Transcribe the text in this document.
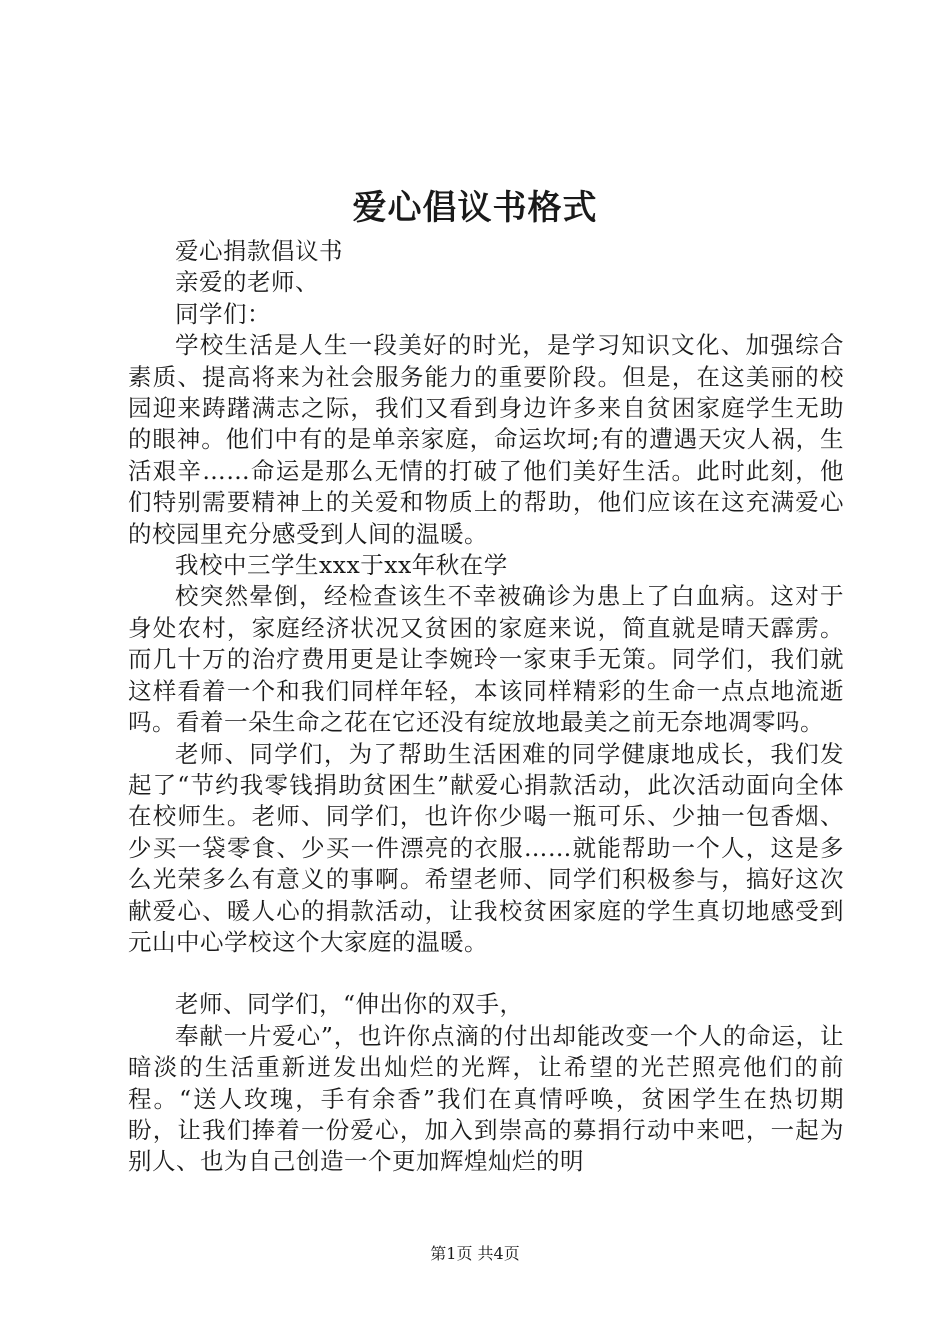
爱心倡议书格式

爱心捐款倡议书

亲爱的老师、

同学们：

学校生活是人生一段美好的时光，是学习知识文化、加强综合素质、提高将来为社会服务能力的重要阶段。但是，在这美丽的校园迎来踌躇满志之际，我们又看到身边许多来自贫困家庭学生无助的眼神。他们中有的是单亲家庭，命运坎坷;有的遭遇天灾人祸，生活艰辛……命运是那么无情的打破了他们美好生活。此时此刻，他们特别需要精神上的关爱和物质上的帮助，他们应该在这充满爱心的校园里充分感受到人间的温暖。

我校中三学生xxx于xx年秋在学

校突然晕倒，经检查该生不幸被确诊为患上了白血病。这对于身处农村，家庭经济状况又贫困的家庭来说，简直就是晴天霹雳。而几十万的治疗费用更是让李婉玲一家束手无策。同学们，我们就这样看着一个和我们同样年轻，本该同样精彩的生命一点点地流逝吗。看着一朵生命之花在它还没有绽放地最美之前无奈地凋零吗。

老师、同学们，为了帮助生活困难的同学健康地成长，我们发起了“节约我零钱捐助贫困生”献爱心捐款活动，此次活动面向全体在校师生。老师、同学们，也许你少喝一瓶可乐、少抽一包香烟、少买一袋零食、少买一件漂亮的衣服……就能帮助一个人，这是多么光荣多么有意义的事啊。希望老师、同学们积极参与，搞好这次献爱心、暖人心的捐款活动，让我校贫困家庭的学生真切地感受到元山中心学校这个大家庭的温暖。

老师、同学们，“伸出你的双手，

奉献一片爱心”，也许你点滴的付出却能改变一个人的命运，让暗淡的生活重新迸发出灿烂的光辉，让希望的光芒照亮他们的前程。“送人玫瑰，手有余香”我们在真情呼唤，贫困学生在热切期盼，让我们捧着一份爱心，加入到崇高的募捐行动中来吧，一起为别人、也为自己创造一个更加辉煌灿烂的明

第1页 共4页
